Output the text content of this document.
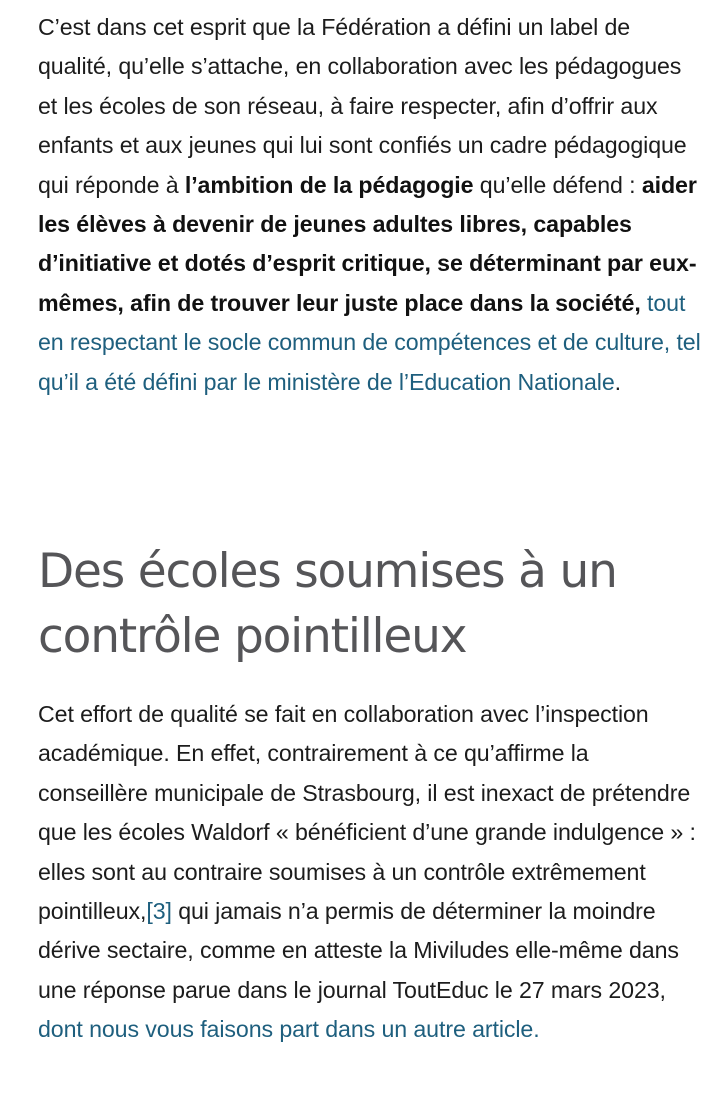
C’est dans cet esprit que la Fédération a défini un label de qualité, qu’elle s’attache, en collaboration avec les pédagogues et les écoles de son réseau, à faire respecter, afin d’offrir aux enfants et aux jeunes qui lui sont confiés un cadre pédagogique qui réponde à l’ambition de la pédagogie qu’elle défend : aider les élèves à devenir de jeunes adultes libres, capables d’initiative et dotés d’esprit critique, se déterminant par eux-mêmes, afin de trouver leur juste place dans la société, tout en respectant le socle commun de compétences et de culture, tel qu’il a été défini par le ministère de l’Education Nationale.

Des écoles soumises à un contrôle pointilleux

Cet effort de qualité se fait en collaboration avec l’inspection académique. En effet, contrairement à ce qu’affirme la conseillère municipale de Strasbourg, il est inexact de prétendre que les écoles Waldorf « bénéficient d’une grande indulgence » : elles sont au contraire soumises à un contrôle extrêmement pointilleux,[3] qui jamais n’a permis de déterminer la moindre dérive sectaire, comme en atteste la Miviludes elle-même dans une réponse parue dans le journal ToutEduc le 27 mars 2023, dont nous vous faisons part dans un autre article.
